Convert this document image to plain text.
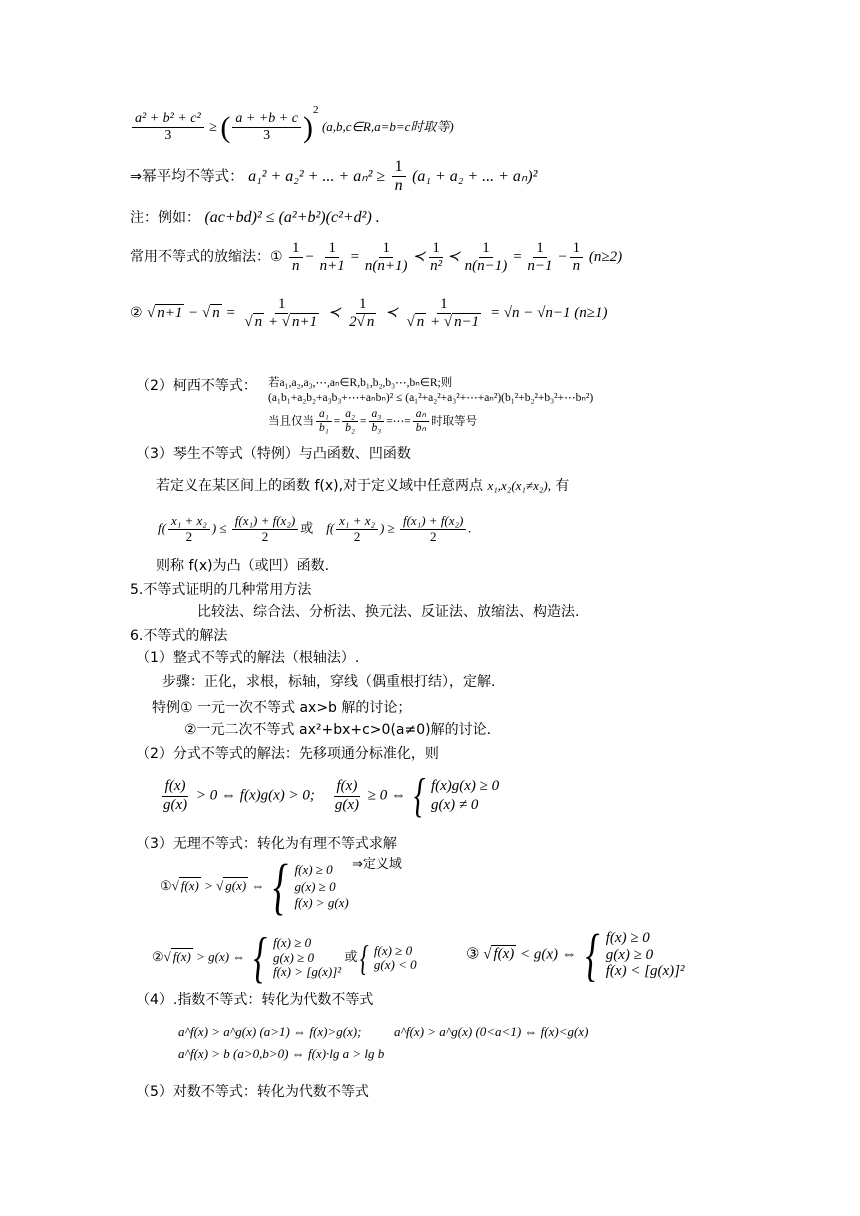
$\frac{\text{a² + b² + c²}}{3}$ ≥ ( $\frac{a + +b + c}{3} )^2$ (a,b,c∈R,a=b=c时取等)
⇒幂平均不等式： a₁² + a₂² + ... + $a_n^2 \ge \frac{1}{n} (a_1 + a_2$ + ... + aₙ)²
注：例如： (ac+bd)² ≤ (a²+b²)(c²+d²) .
常用不等式的放缩法：① $\frac{1}{n} - \frac{1}{n+1} = \frac{1}{n(n+1)}$ ≺ $\frac{1}{\text{n²}}$ ≺ $\frac{1}{n(n-1)} = \frac{1}{n-1} - \frac{1}{n} (n\ge 2)$
② √ n+1 − √ $n = \frac{1}{√ n + √ n+1}$ ≺ $\frac{1}{2√ n}$ ≺ $\frac{1}{√ n + √ n-1} = √n - √n-1$ (n≥1)
（2）柯西不等式： 若a₁,a₂,a₃,⋯,aₙ∈R,b₁,b₂,b₃⋯,bₙ∈R;则
(a₁b₁+a₂b₂+a₃b₃+⋯+aₙbₙ)² ≤ (a₁²+a₂²+a₃²+⋯+aₙ²)(b₁²+b₂²+b₃²+⋯bₙ²)
当且仅当 $\frac{\text{a₁}}{\text{b₁}} = \frac{\text{a₂}}{\text{b₂}} = \frac{\text{a₃}}{\text{b₃}}$ =⋯= $\frac{\text{aₙ}}{\text{bₙ}}$ 时取等号
（3）琴生不等式（特例）与凸函数、凹函数
若定义在某区间上的函数 f(x),对于定义域中任意两点 x₁,x₂(x₁≠x₂), 有
$f( \frac{\text{x₁ + x₂}}{2}$ ) ≤ $\frac{\text{f(x₁) + f(x₂)}}{2}$ 或    $f( \frac{\text{x₁ + x₂}}{2}$ ) ≥ $\frac{\text{f(x₁) + f(x₂)}}{2}$ .
则称 f(x)为凸（或凹）函数.
5.不等式证明的几种常用方法
比较法、综合法、分析法、换元法、反证法、放缩法、构造法.
6.不等式的解法
（1）整式不等式的解法（根轴法）.
步骤：正化，求根，标轴，穿线（偶重根打结），定解.
特例① 一元一次不等式 ax>b 解的讨论；
②一元二次不等式 ax²+bx+c>0(a≠0)解的讨论.
（2）分式不等式的解法：先移项通分标准化，则
$\frac{f(x)}{g(x)} > 0$ ⇔ f(x)g(x) > 0; $\frac{f(x)}{g(x)} \ge 0$ ⇔ { f(x)g(x) ≥ 0
g(x) ≠ 0
（3）无理不等式：转化为有理不等式求解
①√ f(x) > √ g(x) ⇔ { f(x) ≥ 0
g(x) ≥ 0
f(x) > g(x)
⇒定义域
②√ f(x) > g(x) ⇔ { f(x) ≥ 0
g(x) ≥ 0
f(x) > [g(x)]²
或 { f(x) ≥ 0
g(x) < 0
③ √ f(x) < g(x) ⇔ { f(x) ≥ 0
g(x) ≥ 0
f(x) < [g(x)]²
（4）.指数不等式：转化为代数不等式
a^f(x) > a^g(x) (a>1) ⇔ f(x)>g(x);	a^f(x) > a^g(x) (0<a<1) ⇔ f(x)<g(x)
a^f(x) > b (a>0,b>0) ⇔ f(x)·lg a > lg b
（5）对数不等式：转化为代数不等式
